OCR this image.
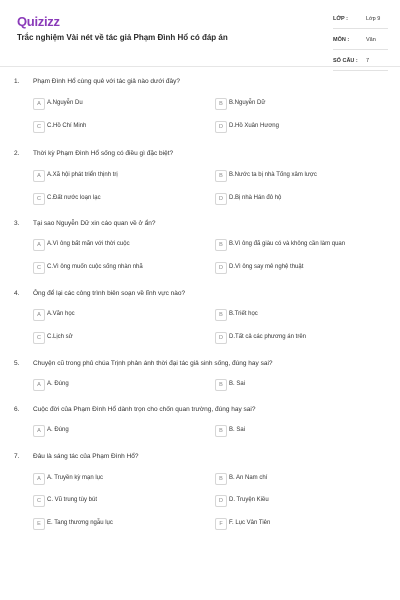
Quizizz
Trắc nghiệm Vài nét về tác giả Phạm Đình Hổ có đáp án
LỚP :	Lớp 9
MÔN :	Văn
SỐ CÂU : 7
1. Phạm Đình Hổ cùng quê với tác giả nào dưới đây?
A	A.Nguyễn Du	B	B.Nguyễn Dữ
C	C.Hồ Chí Minh	D	D.Hồ Xuân Hương
2. Thời kỳ Phạm Đình Hổ sống có điều gì đặc biệt?
A	A.Xã hội phát triển thịnh trị	B	B.Nước ta bị nhà Tống xâm lược
C	C.Đất nước loạn lạc	D	D.Bị nhà Hán đô hộ
3. Tại sao Nguyễn Dữ xin cáo quan về ở ẩn?
A	A.Vì ông bất mãn với thời cuộc	B	B.Vì ông đã giàu có và không cần làm quan
C	C.Vì ông muốn cuộc sống nhàn nhã	D	D.Vì ông say mê nghệ thuật
4. Ông để lại các công trình biên soạn về lĩnh vực nào?
A	A.Văn học	B	B.Triết học
C	C.Lịch sử	D	D.Tất cả các phương án trên
5. Chuyện cũ trong phủ chúa Trịnh phản ánh thời đại tác giả sinh sống, đúng hay sai?
A	A. Đúng	B	B. Sai
6. Cuộc đời của Phạm Đình Hổ dành trọn cho chốn quan trường, đúng hay sai?
A	A. Đúng	B	B. Sai
7. Đâu là sáng tác của Phạm Đình Hổ?
A	A. Truyền kỳ mạn lục	B	B. An Nam chí
C	C. Vũ trung tùy bút	D	D. Truyện Kiều
E	E. Tang thương ngẫu lục	F	F. Lục Vân Tiên
